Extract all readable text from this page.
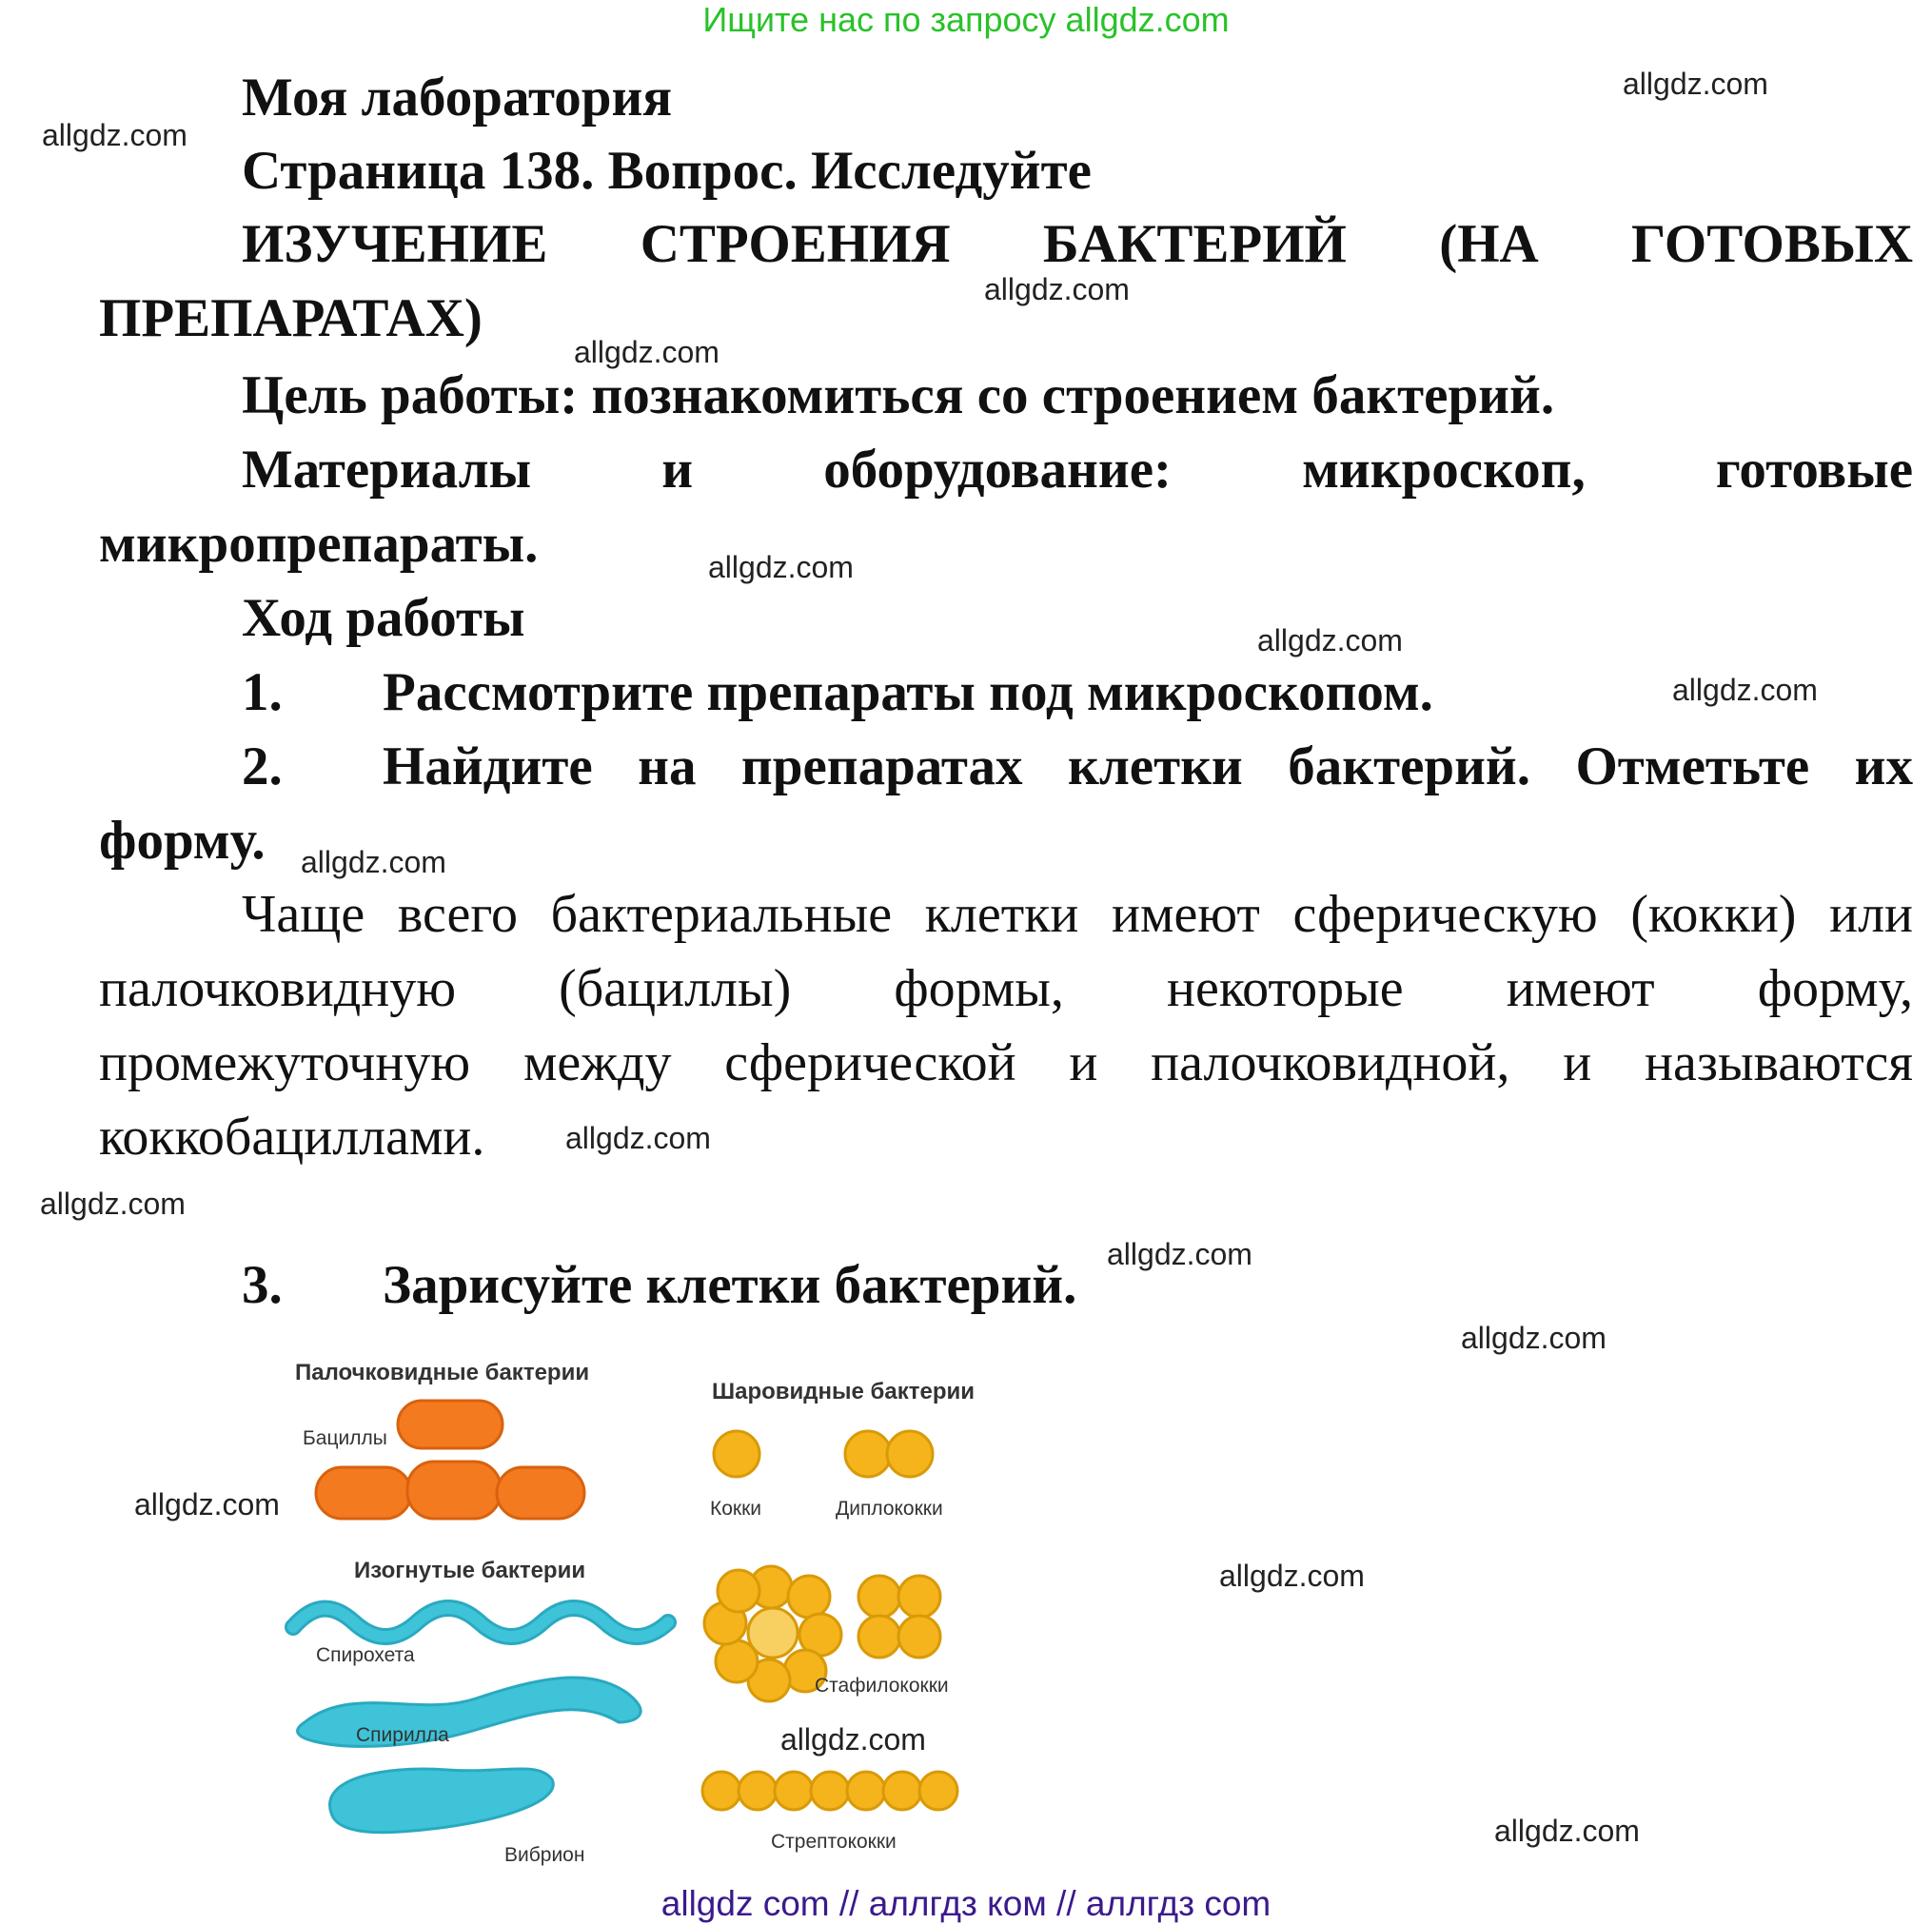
Ищите нас по запросу allgdz.com
Моя лаборатория
Страница 138. Вопрос. Исследуйте
ИЗУЧЕНИЕ СТРОЕНИЯ БАКТЕРИЙ (НА ГОТОВЫХ
ПРЕПАРАТАХ)
Цель работы: познакомиться со строением бактерий.
Материалы и оборудование: микроскоп, готовые
микропрепараты.
Ход работы
1. Рассмотрите препараты под микроскопом.
2. Найдите на препаратах клетки бактерий. Отметьте их
форму.
Чаще всего бактериальные клетки имеют сферическую (кокки) или
палочковидную (бациллы) формы, некоторые имеют форму,
промежуточную между сферической и палочковидной, и называются
коккобациллами.
3. Зарисуйте клетки бактерий.
Палочковидные бактерии
Бациллы
Шаровидные бактерии
Кокки	Диплококки
Изогнутые бактерии
Спирохета
Спирилла
Вибрион
Стафилококки
Стрептококки
allgdz.com
allgdz.com
allgdz.com
allgdz.com
allgdz.com
allgdz.com
allgdz.com
allgdz.com
allgdz.com
allgdz.com
allgdz.com
allgdz.com
allgdz.com
allgdz.com
allgdz.com
allgdz.com
allgdz com // аллгдз ком // аллгдз com
